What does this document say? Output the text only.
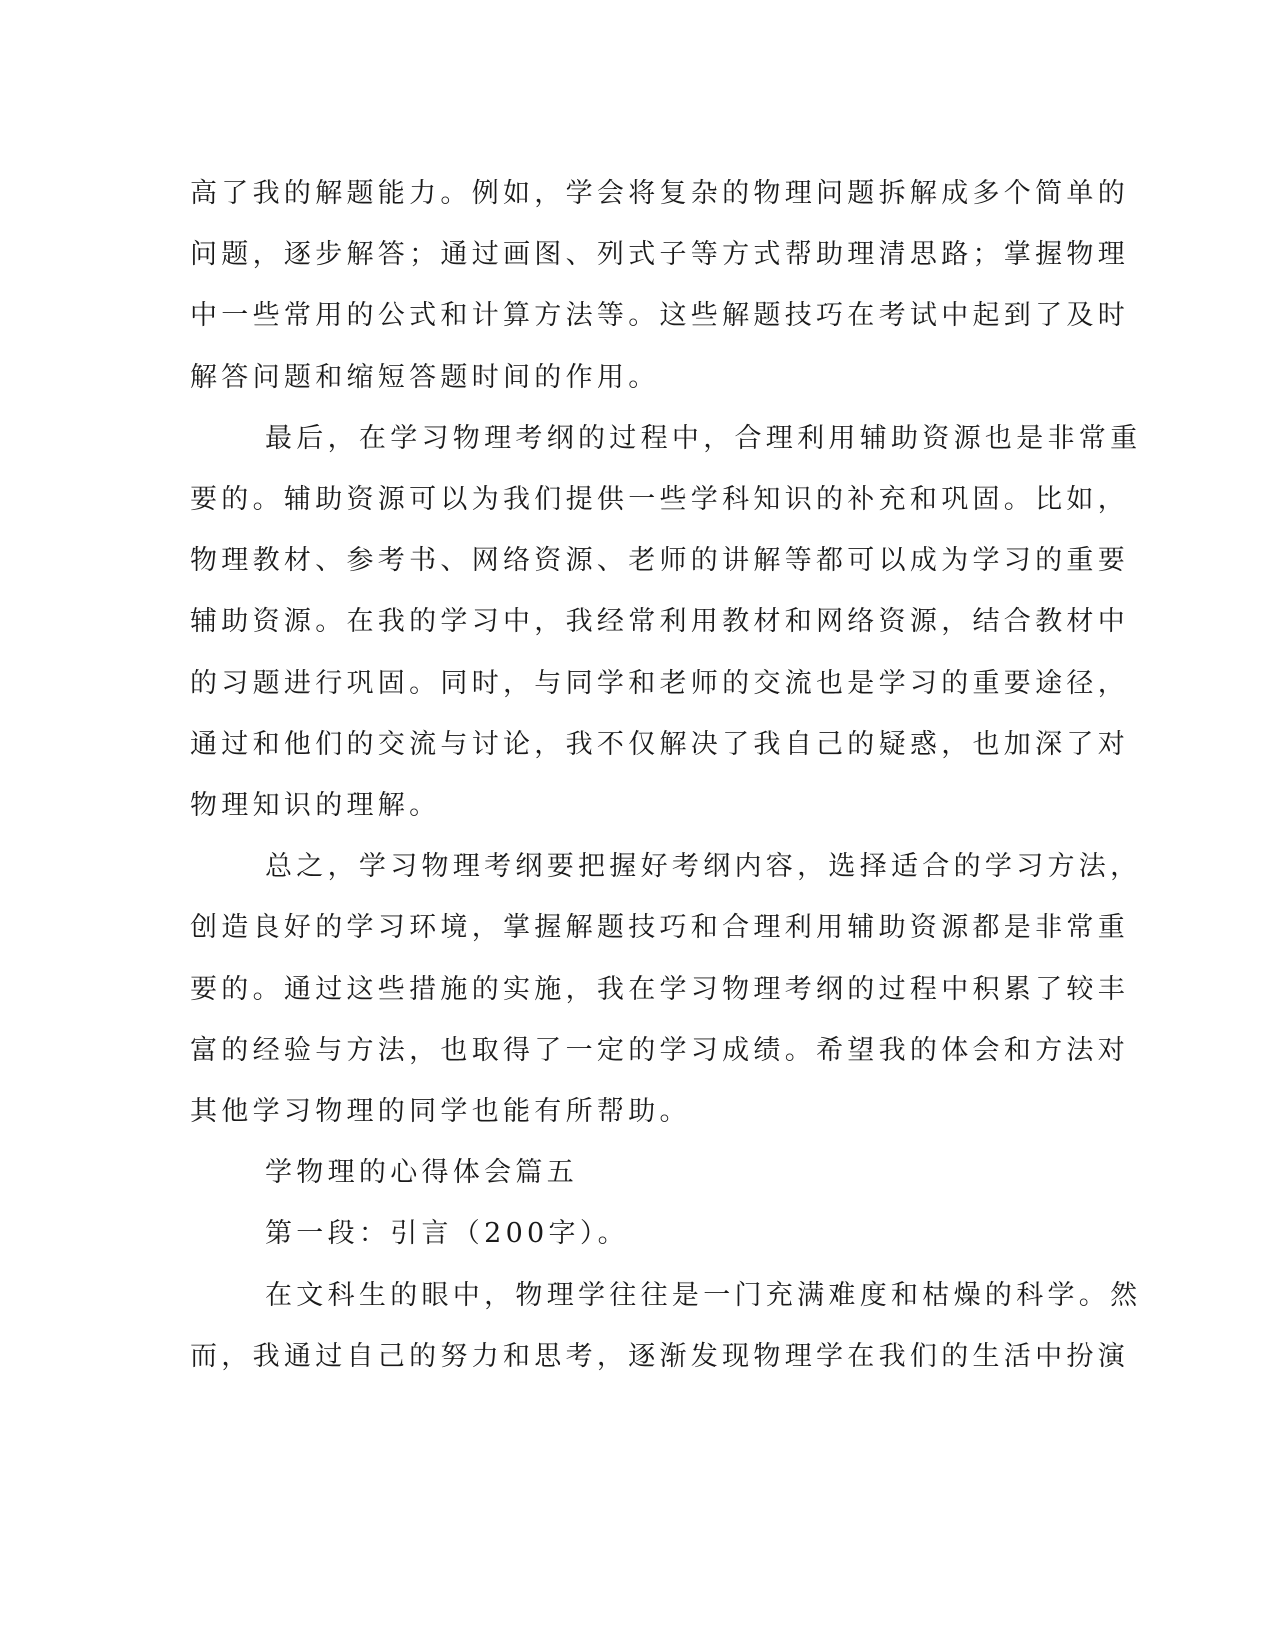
高了我的解题能力。例如，学会将复杂的物理问题拆解成多个简单的
问题，逐步解答；通过画图、列式子等方式帮助理清思路；掌握物理
中一些常用的公式和计算方法等。这些解题技巧在考试中起到了及时
解答问题和缩短答题时间的作用。

最后，在学习物理考纲的过程中，合理利用辅助资源也是非常重
要的。辅助资源可以为我们提供一些学科知识的补充和巩固。比如，
物理教材、参考书、网络资源、老师的讲解等都可以成为学习的重要
辅助资源。在我的学习中，我经常利用教材和网络资源，结合教材中
的习题进行巩固。同时，与同学和老师的交流也是学习的重要途径，
通过和他们的交流与讨论，我不仅解决了我自己的疑惑，也加深了对
物理知识的理解。

总之，学习物理考纲要把握好考纲内容，选择适合的学习方法，
创造良好的学习环境，掌握解题技巧和合理利用辅助资源都是非常重
要的。通过这些措施的实施，我在学习物理考纲的过程中积累了较丰
富的经验与方法，也取得了一定的学习成绩。希望我的体会和方法对
其他学习物理的同学也能有所帮助。

学物理的心得体会篇五

第一段：引言（200字）。

在文科生的眼中，物理学往往是一门充满难度和枯燥的科学。然
而，我通过自己的努力和思考，逐渐发现物理学在我们的生活中扮演
